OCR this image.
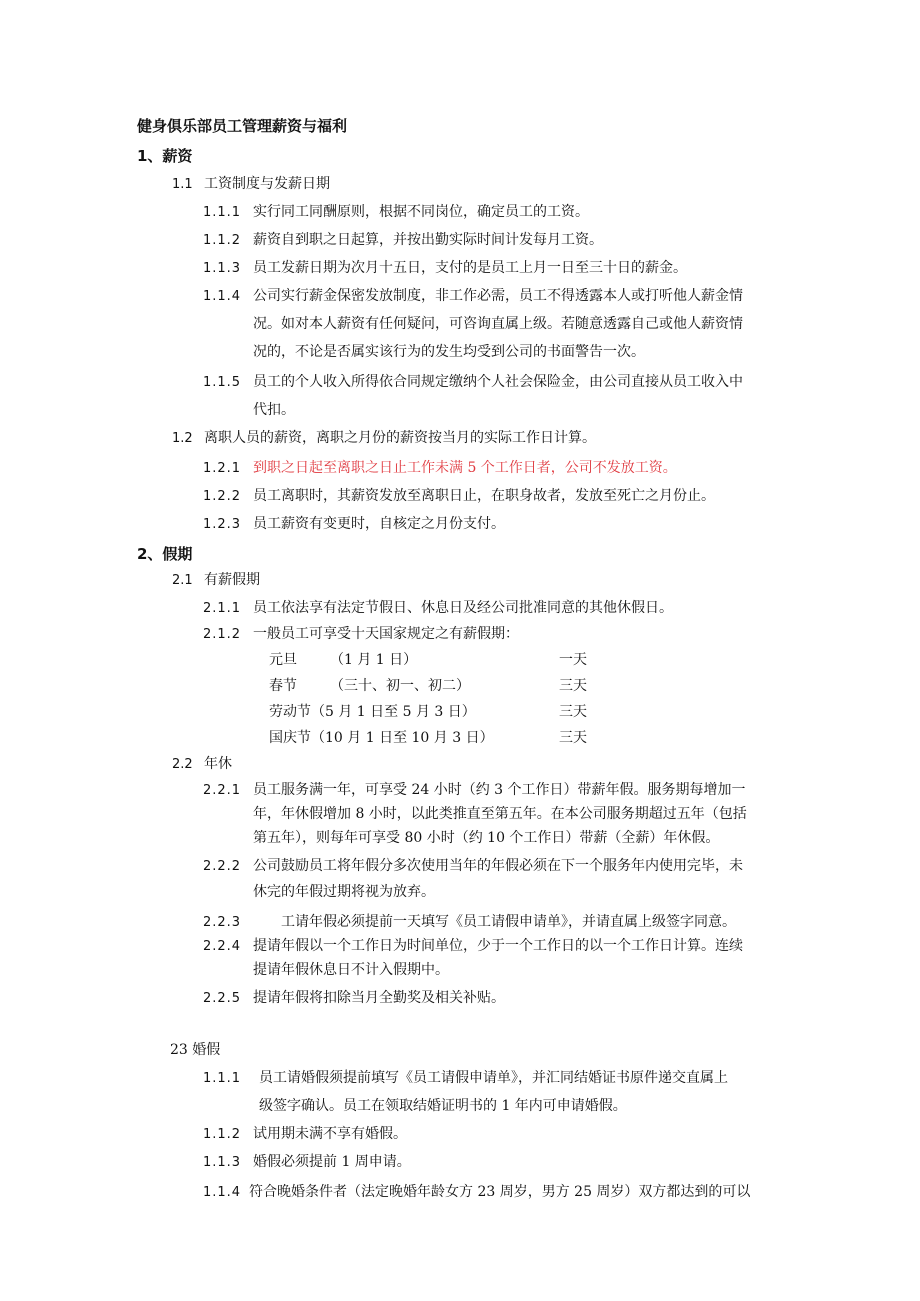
健身俱乐部员工管理薪资与福利
1、薪资
1.1 工资制度与发薪日期
1.1.1 实行同工同酬原则，根据不同岗位，确定员工的工资。
1.1.2 薪资自到职之日起算，并按出勤实际时间计发每月工资。
1.1.3 员工发薪日期为次月十五日，支付的是员工上月一日至三十日的薪金。
1.1.4 公司实行薪金保密发放制度，非工作必需，员工不得透露本人或打听他人薪金情
况。如对本人薪资有任何疑问，可咨询直属上级。若随意透露自己或他人薪资情
况的，不论是否属实该行为的发生均受到公司的书面警告一次。
1.1.5 员工的个人收入所得依合同规定缴纳个人社会保险金，由公司直接从员工收入中
代扣。
1.2 离职人员的薪资，离职之月份的薪资按当月的实际工作日计算。
1.2.1 到职之日起至离职之日止工作未满 5 个工作日者，公司不发放工资。
1.2.2 员工离职时，其薪资发放至离职日止，在职身故者，发放至死亡之月份止。
1.2.3 员工薪资有变更时，自核定之月份支付。
2、假期
2.1 有薪假期
2.1.1 员工依法享有法定节假日、休息日及经公司批准同意的其他休假日。
2.1.2 一般员工可享受十天国家规定之有薪假期：
元旦 （1 月 1 日）	一天
春节 （三十、初一、初二）	三天
劳动节（5 月 1 日至 5 月 3 日）	三天
国庆节（10 月 1 日至 10 月 3 日）	三天
2.2 年休
2.2.1 员工服务满一年，可享受 24 小时（约 3 个工作日）带薪年假。服务期每增加一
年，年休假增加 8 小时，以此类推直至第五年。在本公司服务期超过五年（包括
第五年），则每年可享受 80 小时（约 10 个工作日）带薪（全薪）年休假。
2.2.2 公司鼓励员工将年假分多次使用当年的年假必须在下一个服务年内使用完毕，未
休完的年假过期将视为放弃。
2.2.3	工请年假必须提前一天填写《员工请假申请单》，并请直属上级签字同意。
2.2.4 提请年假以一个工作日为时间单位，少于一个工作日的以一个工作日计算。连续
提请年假休息日不计入假期中。
2.2.5 提请年假将扣除当月全勤奖及相关补贴。
23 婚假
1.1.1 员工请婚假须提前填写《员工请假申请单》，并汇同结婚证书原件递交直属上
级签字确认。员工在领取结婚证明书的 1 年内可申请婚假。
1.1.2 试用期未满不享有婚假。
1.1.3 婚假必须提前 1 周申请。
1.1.4 符合晚婚条件者（法定晚婚年龄女方 23 周岁，男方 25 周岁）双方都达到的可以
